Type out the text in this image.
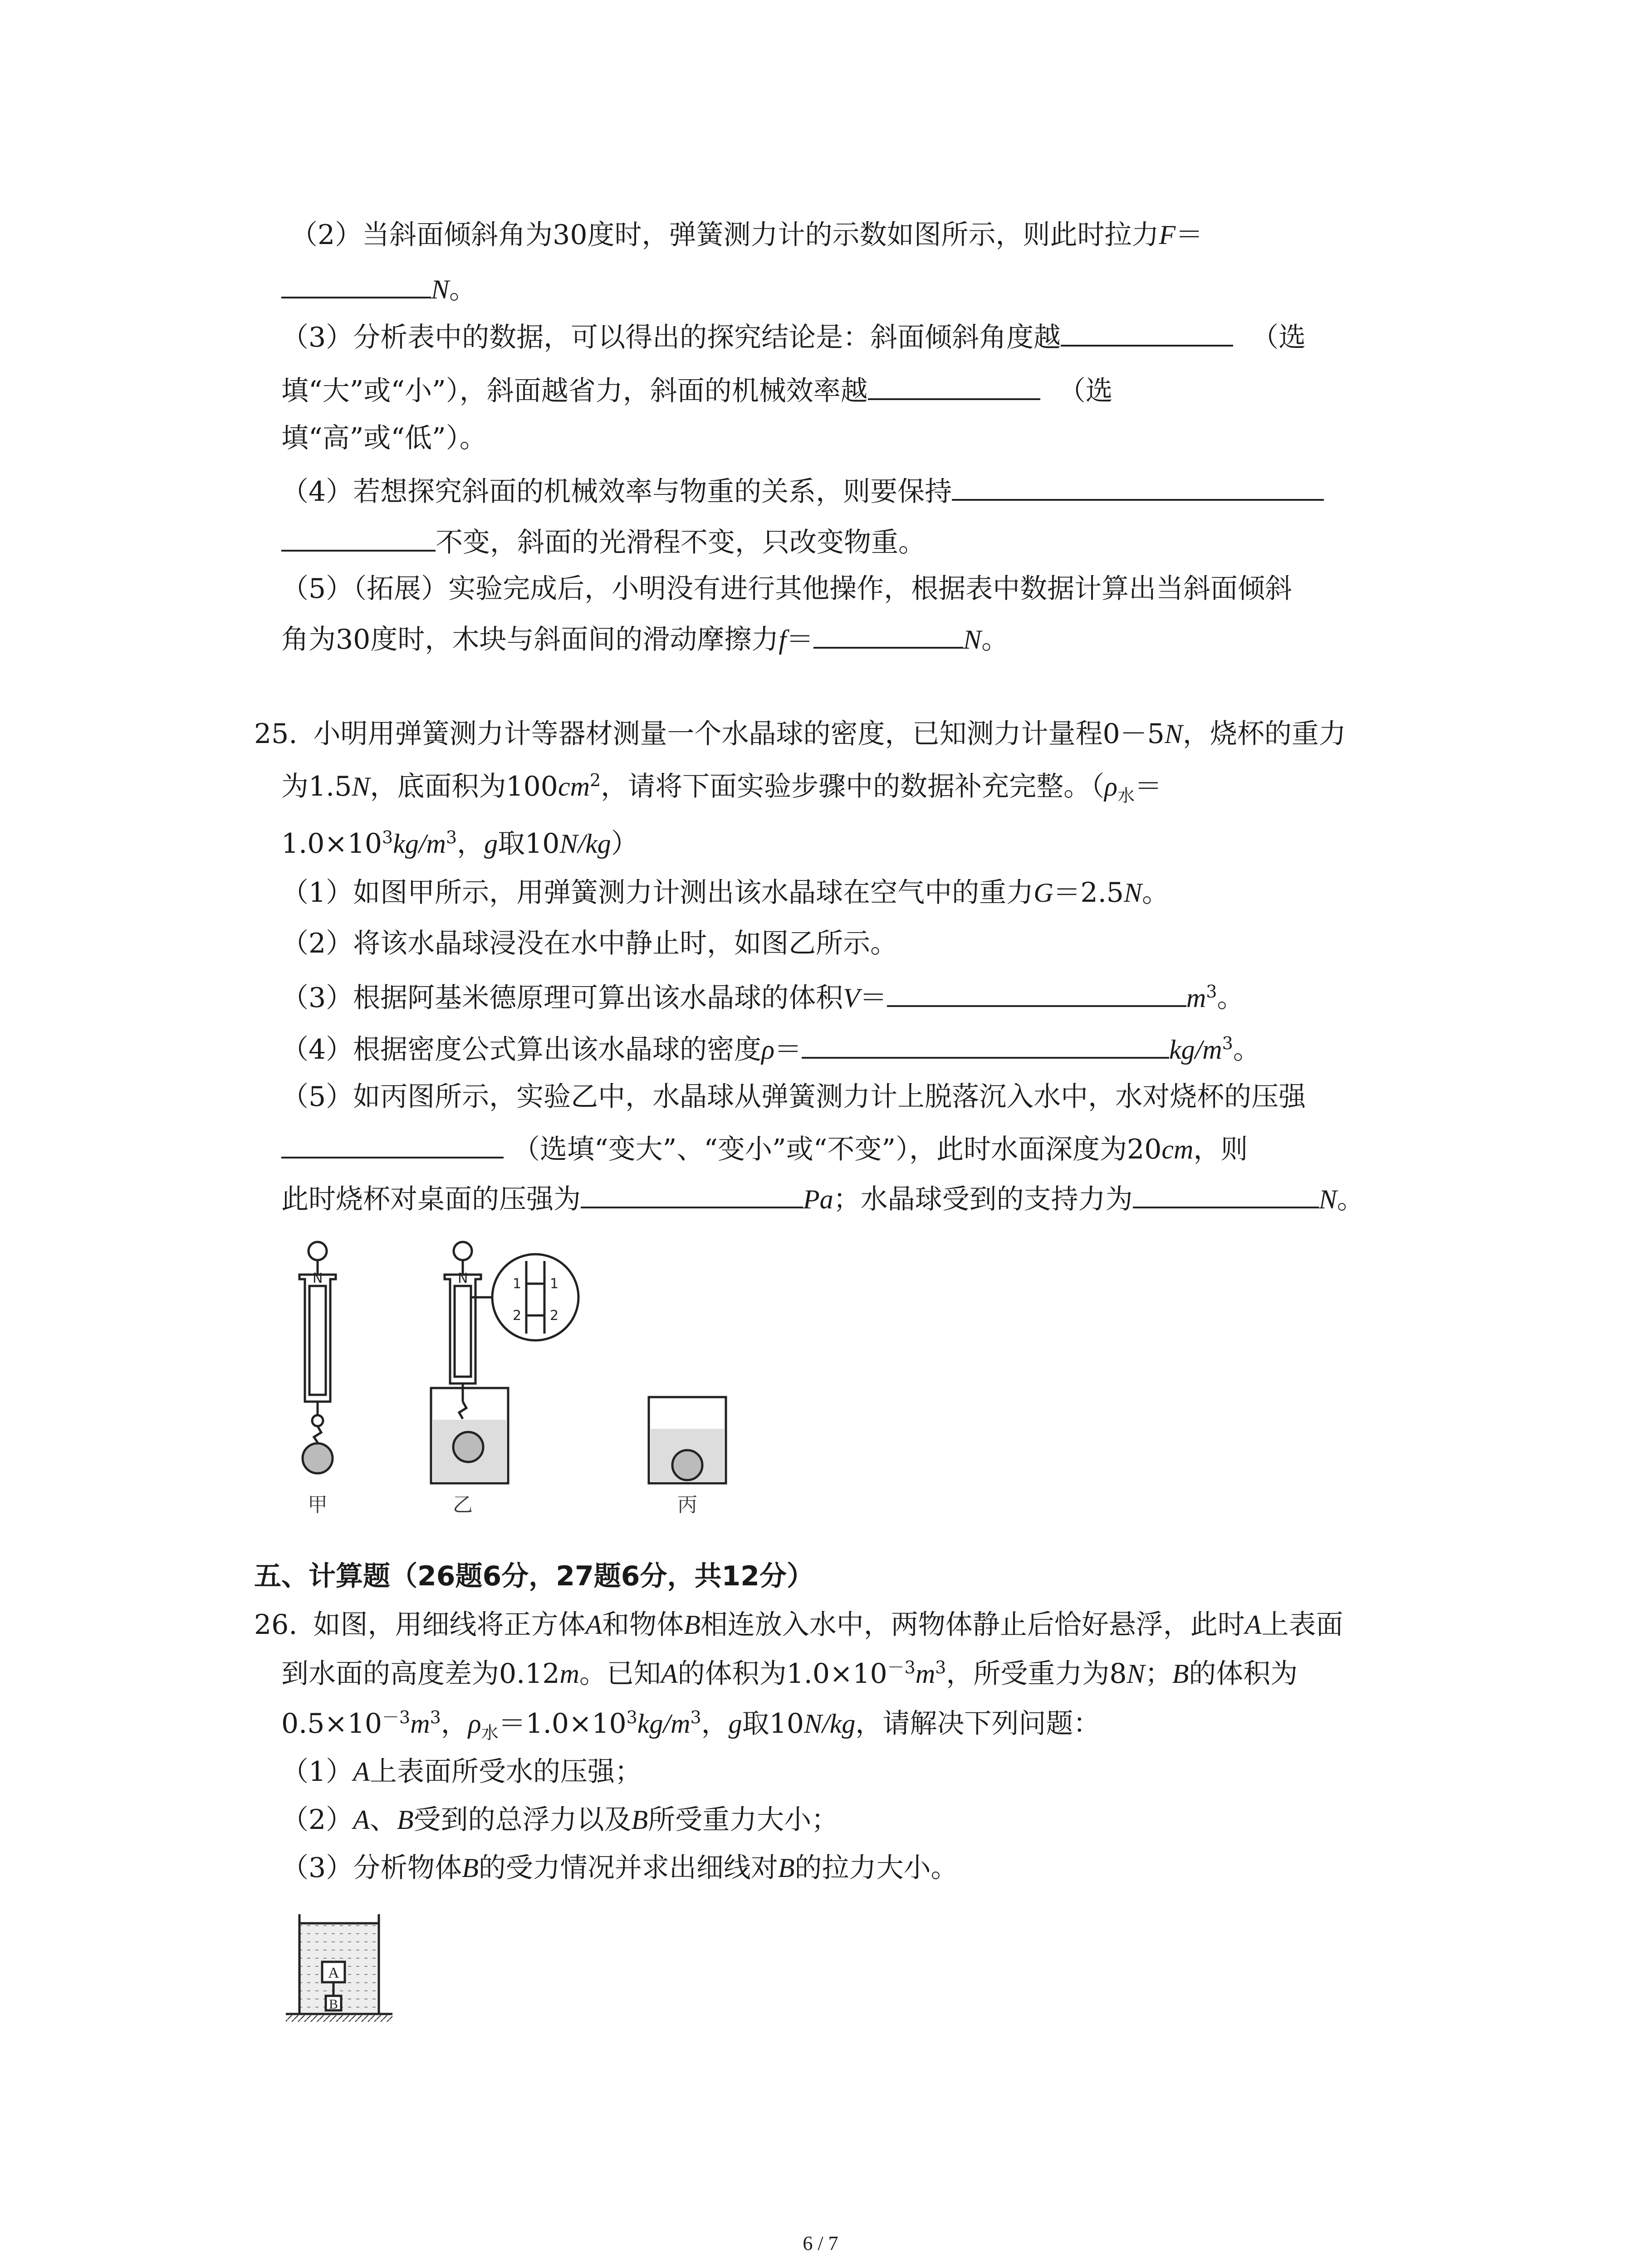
（2）当斜面倾斜角为30度时，弹簧测力计的示数如图所示，则此时拉力F＝
N。
（3）分析表中的数据，可以得出的探究结论是：斜面倾斜角度越	（选
填“大”或“小”），斜面越省力，斜面的机械效率越	（选
填“高”或“低”）。
（4）若想探究斜面的机械效率与物重的关系，则要保持
不变，斜面的光滑程不变，只改变物重。
（5）（拓展）实验完成后，小明没有进行其他操作，根据表中数据计算出当斜面倾斜
角为30度时，木块与斜面间的滑动摩擦力f＝	N。
25. 小明用弹簧测力计等器材测量一个水晶球的密度，已知测力计量程0－5N，烧杯的重力
为1.5N，底面积为$100cm^2$，请将下面实验步骤中的数据补充完整。（$\rho_水=$
$1.0\times 10^3kg/m^3$，g取10N/kg）
（1）如图甲所示，用弹簧测力计测出该水晶球在空气中的重力G＝2.5N。
（2）将该水晶球浸没在水中静止时，如图乙所示。
（3）根据阿基米德原理可算出该水晶球的体积V＝	$m^3$。
（4）根据密度公式算出该水晶球的密度ρ＝	$kg/m^3$。
（5）如丙图所示，实验乙中，水晶球从弹簧测力计上脱落沉入水中，水对烧杯的压强
（选填“变大”、“变小”或“不变”），此时水面深度为20cm，则
此时烧杯对桌面的压强为	Pa；水晶球受到的支持力为	N。
N	N	1
2
1
2
甲	乙	丙
五、计算题（26题6分，27题6分，共12分）
26. 如图，用细线将正方体A和物体B相连放入水中，两物体静止后恰好悬浮，此时A上表面
到水面的高度差为0.12m。已知A的体积为$1.0\times 10^{-3}m^3$，所受重力为8N；B的体积为
$0.5\times 10^{-3}m^3$，$\rho_水=1.0\times 10^3kg/m^3$，g取10N/kg，请解决下列问题：
（1）A上表面所受水的压强；
（2）A、B受到的总浮力以及B所受重力大小；
（3）分析物体B的受力情况并求出细线对B的拉力大小。
A
B
6 / 7
